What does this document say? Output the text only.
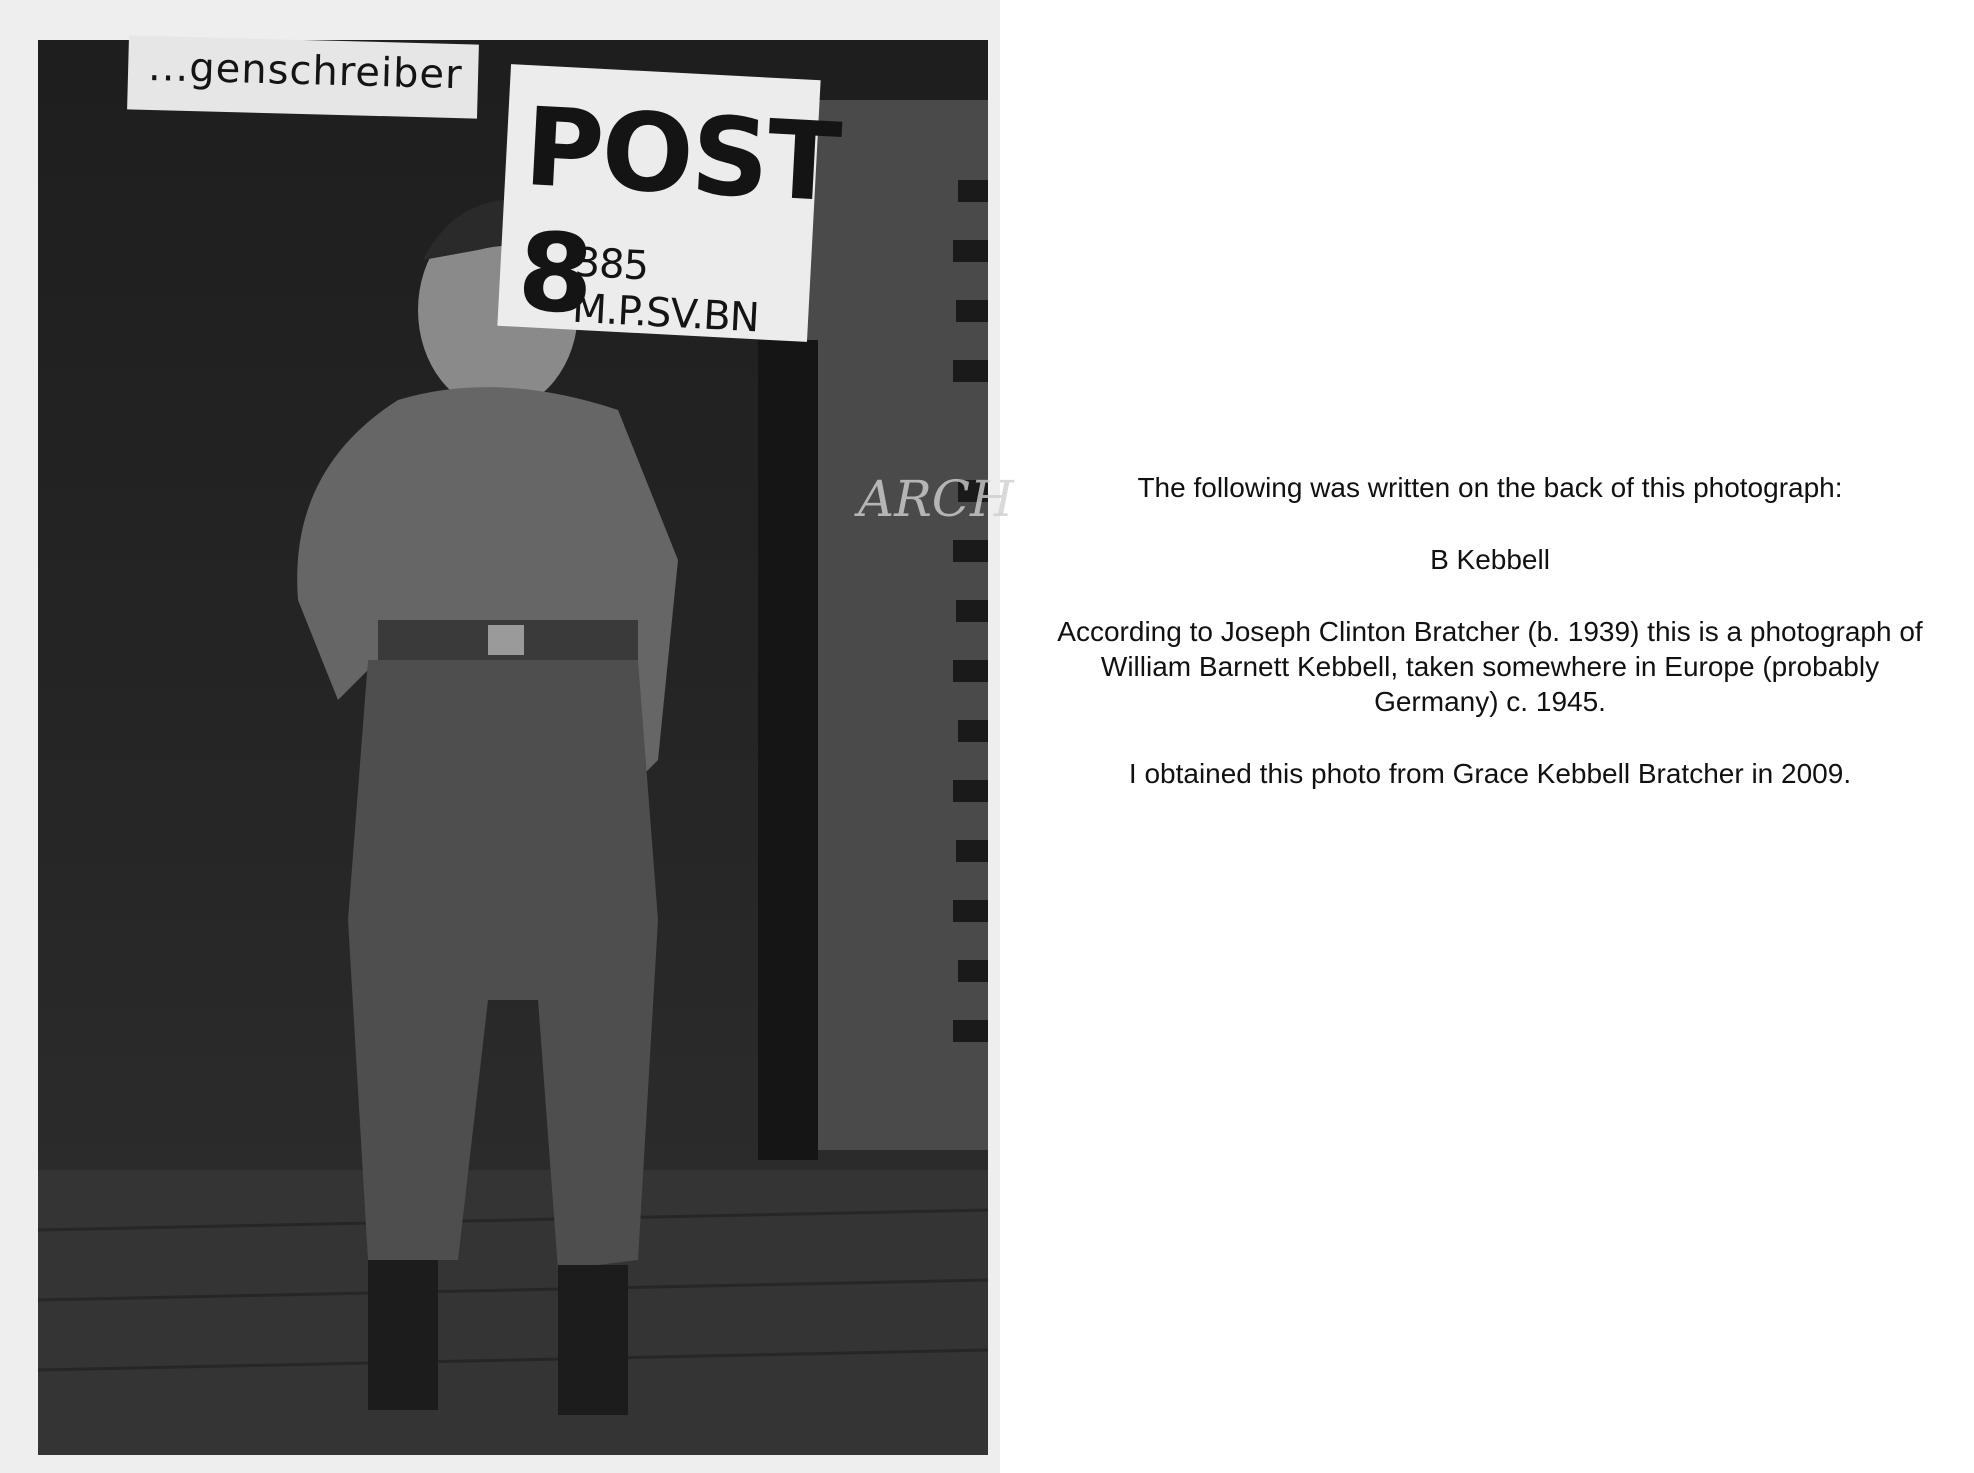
...genschreiber
POST 8
385 M.P.SV.BN
ARCH	The following was written on the back of this photograph:

B Kebbell

According to Joseph Clinton Bratcher (b. 1939) this is a photograph of William Barnett Kebbell, taken somewhere in Europe (probably Germany) c. 1945.

I obtained this photo from Grace Kebbell Bratcher in 2009.
